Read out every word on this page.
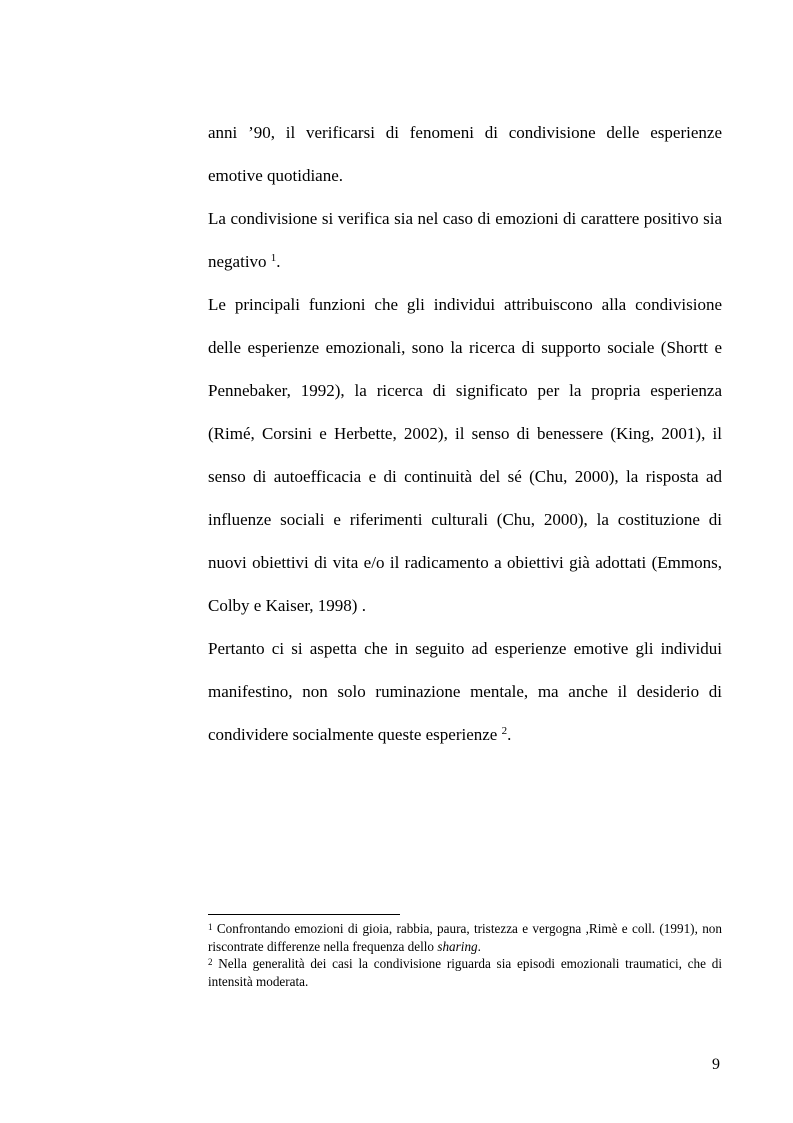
anni ’90, il verificarsi di fenomeni di condivisione delle esperienze emotive quotidiane.

La condivisione si verifica sia nel caso di emozioni di carattere positivo sia negativo $^1$.

Le principali funzioni che gli individui attribuiscono alla condivisione delle esperienze emozionali, sono la ricerca di supporto sociale (Shortt e Pennebaker, 1992), la ricerca di significato per la propria esperienza (Rimé, Corsini e Herbette, 2002), il senso di benessere (King, 2001), il senso di autoefficacia e di continuità del sé (Chu, 2000), la risposta ad influenze sociali e riferimenti culturali (Chu, 2000), la costituzione di nuovi obiettivi di vita e/o il radicamento a obiettivi già adottati (Emmons, Colby e Kaiser, 1998) .

Pertanto ci si aspetta che in seguito ad esperienze emotive gli individui manifestino, non solo ruminazione mentale, ma anche il desiderio di condividere socialmente queste esperienze $^2$.

$^1$ Confrontando emozioni di gioia, rabbia, paura, tristezza e vergogna ,Rimè e coll. (1991), non riscontrate differenze nella frequenza dello sharing.

$^2$ Nella generalità dei casi la condivisione riguarda sia episodi emozionali traumatici, che di intensità moderata.

9
